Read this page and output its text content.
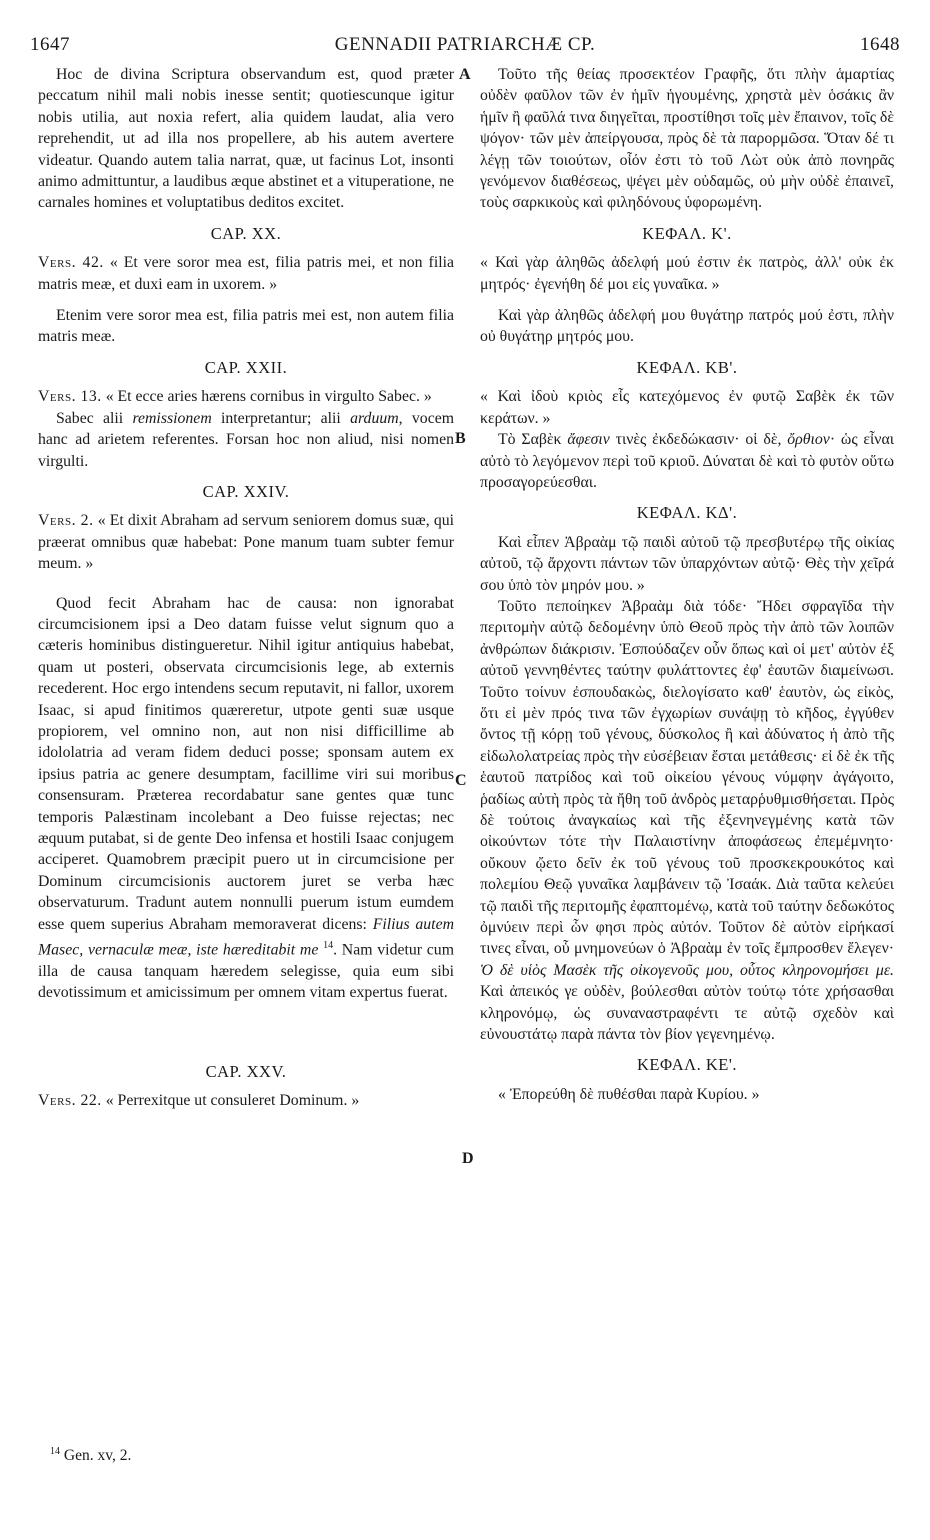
1647	GENNADII PATRIARCHÆ CP.	1648
A
B
C
D

Hoc de divina Scriptura observandum est, quod præter peccatum nihil mali nobis inesse sentit; quotiescunque igitur nobis utilia, aut noxia refert, alia quidem laudat, alia vero reprehendit, ut ad illa nos propellere, ab his autem avertere videatur. Quando autem talia narrat, quæ, ut facinus Lot, insonti animo admittuntur, a laudibus æque abstinet et a vituperatione, ne carnales homines et voluptatibus deditos excitet.

CAP. XX.

Vers. 42. « Et vere soror mea est, filia patris mei, et non filia matris meæ, et duxi eam in uxorem. »

Etenim vere soror mea est, filia patris mei est, non autem filia matris meæ.

CAP. XXII.

Vers. 13. « Et ecce aries hærens cornibus in virgulto Sabec. »

Sabec alii remissionem interpretantur; alii arduum, vocem hanc ad arietem referentes. Forsan hoc non aliud, nisi nomen virgulti.

CAP. XXIV.

Vers. 2. « Et dixit Abraham ad servum seniorem domus suæ, qui præerat omnibus quæ habebat: Pone manum tuam subter femur meum. »

Quod fecit Abraham hac de causa: non ignorabat circumcisionem ipsi a Deo datam fuisse velut signum quo a cæteris hominibus distingueretur. Nihil igitur antiquius habebat, quam ut posteri, observata circumcisionis lege, ab externis recederent. Hoc ergo intendens secum reputavit, ni fallor, uxorem Isaac, si apud finitimos quæreretur, utpote genti suæ usque propiorem, vel omnino non, aut non nisi difficillime ab idololatria ad veram fidem deduci posse; sponsam autem ex ipsius patria ac genere desumptam, facillime viri sui moribus consensuram. Præterea recordabatur sane gentes quæ tunc temporis Palæstinam incolebant a Deo fuisse rejectas; nec æquum putabat, si de gente Deo infensa et hostili Isaac conjugem acciperet. Quamobrem præcipit puero ut in circumcisione per Dominum circumcisionis auctorem juret se verba hæc observaturum. Tradunt autem nonnulli puerum istum eumdem esse quem superius Abraham memoraverat dicens: Filius autem Masec, vernaculæ meæ, iste hæreditabit me $^{14}$. Nam videtur cum illa de causa tanquam hæredem selegisse, quia eum sibi devotissimum et amicissimum per omnem vitam expertus fuerat.

CAP. XXV.

Vers. 22. « Perrexitque ut consuleret Dominum. »

Τοῦτο τῆς θείας προσεκτέον Γραφῆς, ὅτι πλὴν ἁμαρτίας οὐδὲν φαῦλον τῶν ἐν ἡμῖν ἡγουμένης, χρηστὰ μὲν ὁσάκις ἂν ἡμῖν ἢ φαῦλά τινα διηγεῖται, προστίθησι τοῖς μὲν ἔπαινον, τοῖς δὲ ψόγον· τῶν μὲν ἀπείργουσα, πρὸς δὲ τὰ παρορμῶσα. Ὅταν δέ τι λέγῃ τῶν τοιούτων, οἷόν ἐστι τὸ τοῦ Λὼτ οὐκ ἀπὸ πονηρᾶς γενόμενον διαθέσεως, ψέγει μὲν οὐδαμῶς, οὐ μὴν οὐδὲ ἐπαινεῖ, τοὺς σαρκικοὺς καὶ φιληδόνους ὑφορωμένη.

ΚΕΦΑΛ. Κ'.

« Καὶ γὰρ ἀληθῶς ἀδελφή μού ἐστιν ἐκ πατρὸς, ἀλλ' οὐκ ἐκ μητρός· ἐγενήθη δέ μοι εἰς γυναῖκα. »

Καὶ γὰρ ἀληθῶς ἀδελφή μου θυγάτηρ πατρός μού ἐστι, πλὴν οὐ θυγάτηρ μητρός μου.

ΚΕΦΑΛ. ΚΒ'.

« Καὶ ἰδοὺ κριὸς εἷς κατεχόμενος ἐν φυτῷ Σαβὲκ ἐκ τῶν κεράτων. »

Τὸ Σαβὲκ ἄφεσιν τινὲς ἐκδεδώκασιν· οἱ δὲ, ὄρθιον· ὡς εἶναι αὐτὸ τὸ λεγόμενον περὶ τοῦ κριοῦ. Δύναται δὲ καὶ τὸ φυτὸν οὕτω προσαγορεύεσθαι.

ΚΕΦΑΛ. ΚΔ'.

Καὶ εἶπεν Ἀβραὰμ τῷ παιδὶ αὐτοῦ τῷ πρεσβυτέρῳ τῆς οἰκίας αὐτοῦ, τῷ ἄρχοντι πάντων τῶν ὑπαρχόντων αὐτῷ· Θὲς τὴν χεῖρά σου ὑπὸ τὸν μηρόν μου. »

Τοῦτο πεποίηκεν Ἀβραὰμ διὰ τόδε· Ἤδει σφραγῖδα τὴν περιτομὴν αὐτῷ δεδομένην ὑπὸ Θεοῦ πρὸς τὴν ἀπὸ τῶν λοιπῶν ἀνθρώπων διάκρισιν. Ἐσπούδαζεν οὖν ὅπως καὶ οἱ μετ' αὐτὸν ἐξ αὐτοῦ γεννηθέντες ταύτην φυλάττοντες ἐφ' ἑαυτῶν διαμείνωσι. Τοῦτο τοίνυν ἐσπουδακὼς, διελογίσατο καθ' ἑαυτὸν, ὡς εἰκὸς, ὅτι εἰ μὲν πρός τινα τῶν ἐγχωρίων συνάψῃ τὸ κῆδος, ἐγγύθεν ὄντος τῇ κόρῃ τοῦ γένους, δύσκολος ἢ καὶ ἀδύνατος ἡ ἀπὸ τῆς εἰδωλολατρείας πρὸς τὴν εὐσέβειαν ἔσται μετάθεσις· εἰ δὲ ἐκ τῆς ἑαυτοῦ πατρίδος καὶ τοῦ οἰκείου γένους νύμφην ἀγάγοιτο, ῥαδίως αὐτὴ πρὸς τὰ ἤθη τοῦ ἀνδρὸς μεταρῥυθμισθήσεται. Πρὸς δὲ τούτοις ἀναγκαίως καὶ τῆς ἐξενηνεγμένης κατὰ τῶν οἰκούντων τότε τὴν Παλαιστίνην ἀποφάσεως ἐπεμέμνητο· οὔκουν ᾤετο δεῖν ἐκ τοῦ γένους τοῦ προσκεκρουκότος καὶ πολεμίου Θεῷ γυναῖκα λαμβάνειν τῷ Ἰσαάκ. Διὰ ταῦτα κελεύει τῷ παιδὶ τῆς περιτομῆς ἐφαπτομένῳ, κατὰ τοῦ ταύτην δεδωκότος ὀμνύειν περὶ ὧν φησι πρὸς αὐτόν. Τοῦτον δὲ αὐτὸν εἰρήκασί τινες εἶναι, οὗ μνημονεύων ὁ Ἀβραὰμ ἐν τοῖς ἔμπροσθεν ἔλεγεν· Ὁ δὲ υἱὸς Μασὲκ τῆς οἰκογενοῦς μου, οὗτος κληρονομήσει με. Καὶ ἀπεικός γε οὐδὲν, βούλεσθαι αὐτὸν τούτῳ τότε χρήσασθαι κληρονόμῳ, ὡς συναναστραφέντι τε αὐτῷ σχεδὸν καὶ εὐνουστάτῳ παρὰ πάντα τὸν βίον γεγενημένῳ.

ΚΕΦΑΛ. ΚΕ'.

« Ἐπορεύθη δὲ πυθέσθαι παρὰ Κυρίου. »

$^{14}$ Gen. xv, 2.
